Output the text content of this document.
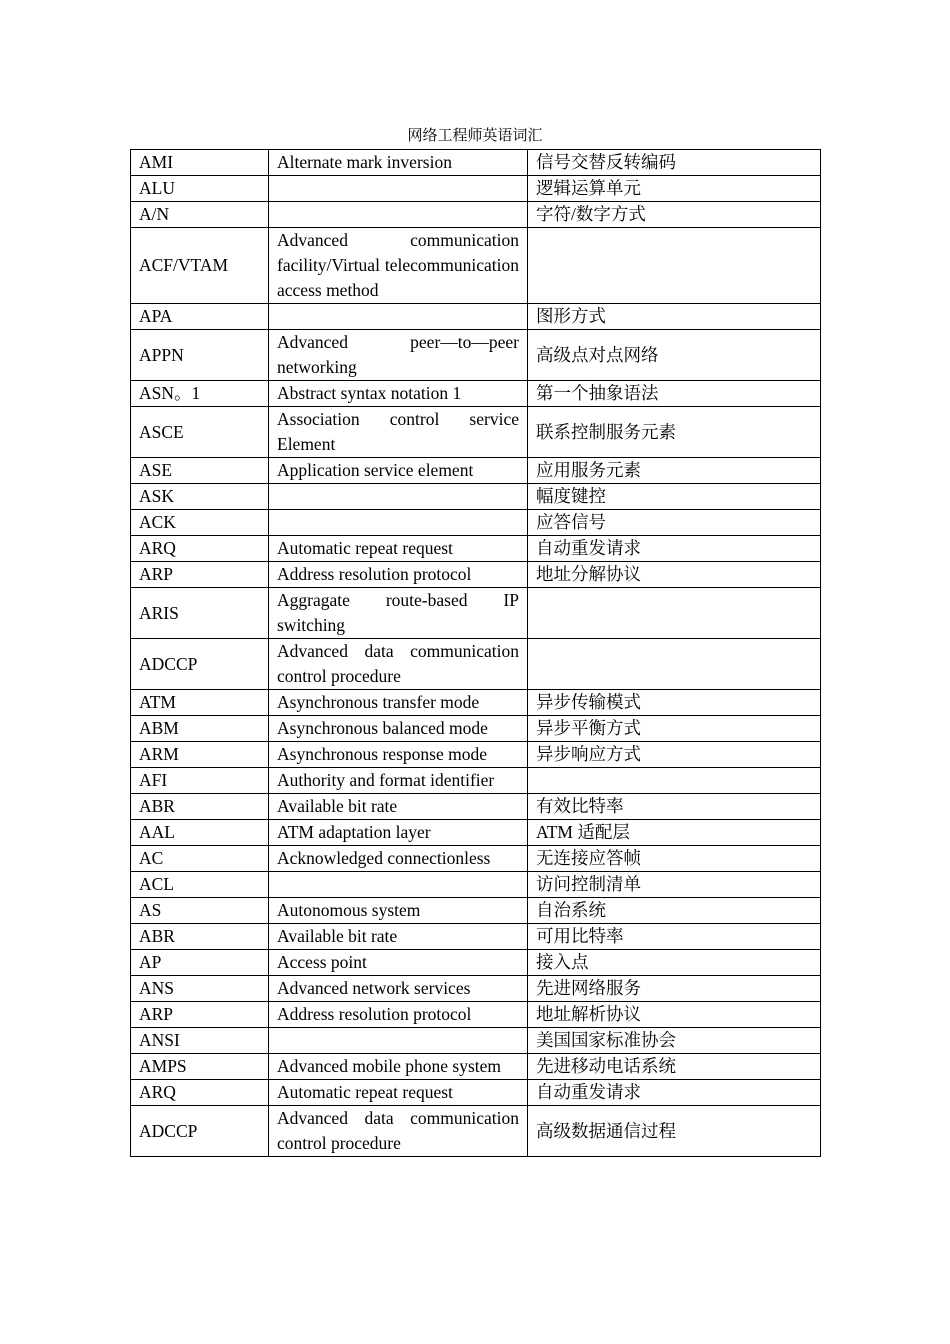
网络工程师英语词汇
AMI	Alternate mark inversion	信号交替反转编码
ALU		逻辑运算单元
A/N		字符/数字方式
ACF/VTAM	Advanced communication facility/Virtual telecommunication access method	
APA		图形方式
APPN	Advanced peer—to—peer networking	高级点对点网络
ASN。1	Abstract syntax notation 1	第一个抽象语法
ASCE	Association control service Element	联系控制服务元素
ASE	Application service element	应用服务元素
ASK		幅度键控
ACK		应答信号
ARQ	Automatic repeat request	自动重发请求
ARP	Address resolution protocol	地址分解协议
ARIS	Aggragate route-based IP switching	
ADCCP	Advanced data communication control procedure	
ATM	Asynchronous transfer mode	异步传输模式
ABM	Asynchronous balanced mode	异步平衡方式
ARM	Asynchronous response mode	异步响应方式
AFI	Authority and format identifier	
ABR	Available bit rate	有效比特率
AAL	ATM adaptation layer	ATM 适配层
AC	Acknowledged connectionless	无连接应答帧
ACL		访问控制清单
AS	Autonomous system	自治系统
ABR	Available bit rate	可用比特率
AP	Access point	接入点
ANS	Advanced network services	先进网络服务
ARP	Address resolution protocol	地址解析协议
ANSI		美国国家标准协会
AMPS	Advanced mobile phone system	先进移动电话系统
ARQ	Automatic repeat request	自动重发请求
ADCCP	Advanced data communication control procedure	高级数据通信过程
